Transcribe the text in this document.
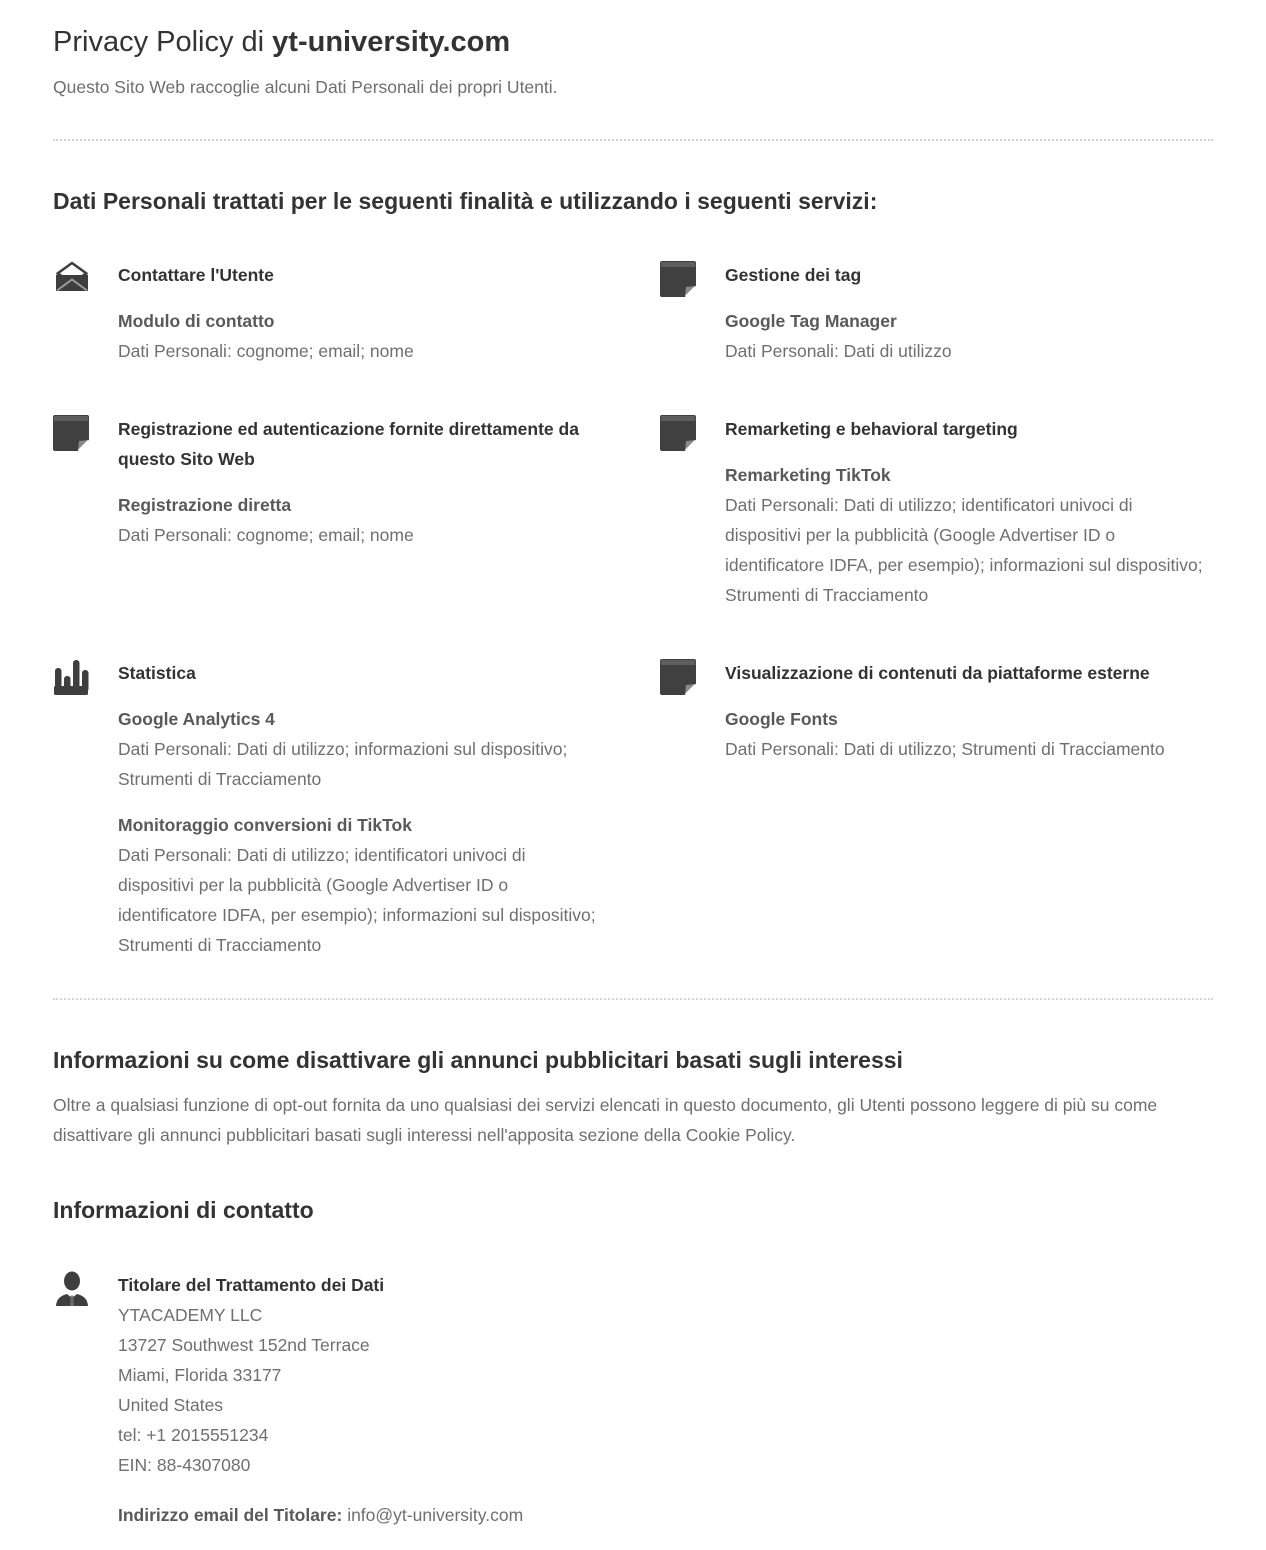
Privacy Policy di yt-university.com

Questo Sito Web raccoglie alcuni Dati Personali dei propri Utenti.

Dati Personali trattati per le seguenti finalità e utilizzando i seguenti servizi:

Contattare l'Utente

Modulo di contatto

Dati Personali: cognome; email; nome

Gestione dei tag

Google Tag Manager

Dati Personali: Dati di utilizzo

Registrazione ed autenticazione fornite direttamente da questo Sito Web

Registrazione diretta

Dati Personali: cognome; email; nome

Remarketing e behavioral targeting

Remarketing TikTok

Dati Personali: Dati di utilizzo; identificatori univoci di dispositivi per la pubblicità (Google Advertiser ID o identificatore IDFA, per esempio); informazioni sul dispositivo; Strumenti di Tracciamento

Statistica

Google Analytics 4

Dati Personali: Dati di utilizzo; informazioni sul dispositivo; Strumenti di Tracciamento

Monitoraggio conversioni di TikTok

Dati Personali: Dati di utilizzo; identificatori univoci di dispositivi per la pubblicità (Google Advertiser ID o identificatore IDFA, per esempio); informazioni sul dispositivo; Strumenti di Tracciamento

Visualizzazione di contenuti da piattaforme esterne

Google Fonts

Dati Personali: Dati di utilizzo; Strumenti di Tracciamento

Informazioni su come disattivare gli annunci pubblicitari basati sugli interessi

Oltre a qualsiasi funzione di opt-out fornita da uno qualsiasi dei servizi elencati in questo documento, gli Utenti possono leggere di più su come disattivare gli annunci pubblicitari basati sugli interessi nell'apposita sezione della Cookie Policy.

Informazioni di contatto

Titolare del Trattamento dei Dati

YTACADEMY LLC

13727 Southwest 152nd Terrace

Miami, Florida 33177

United States

tel: +1 2015551234

EIN: 88-4307080

Indirizzo email del Titolare: info@yt-university.com
